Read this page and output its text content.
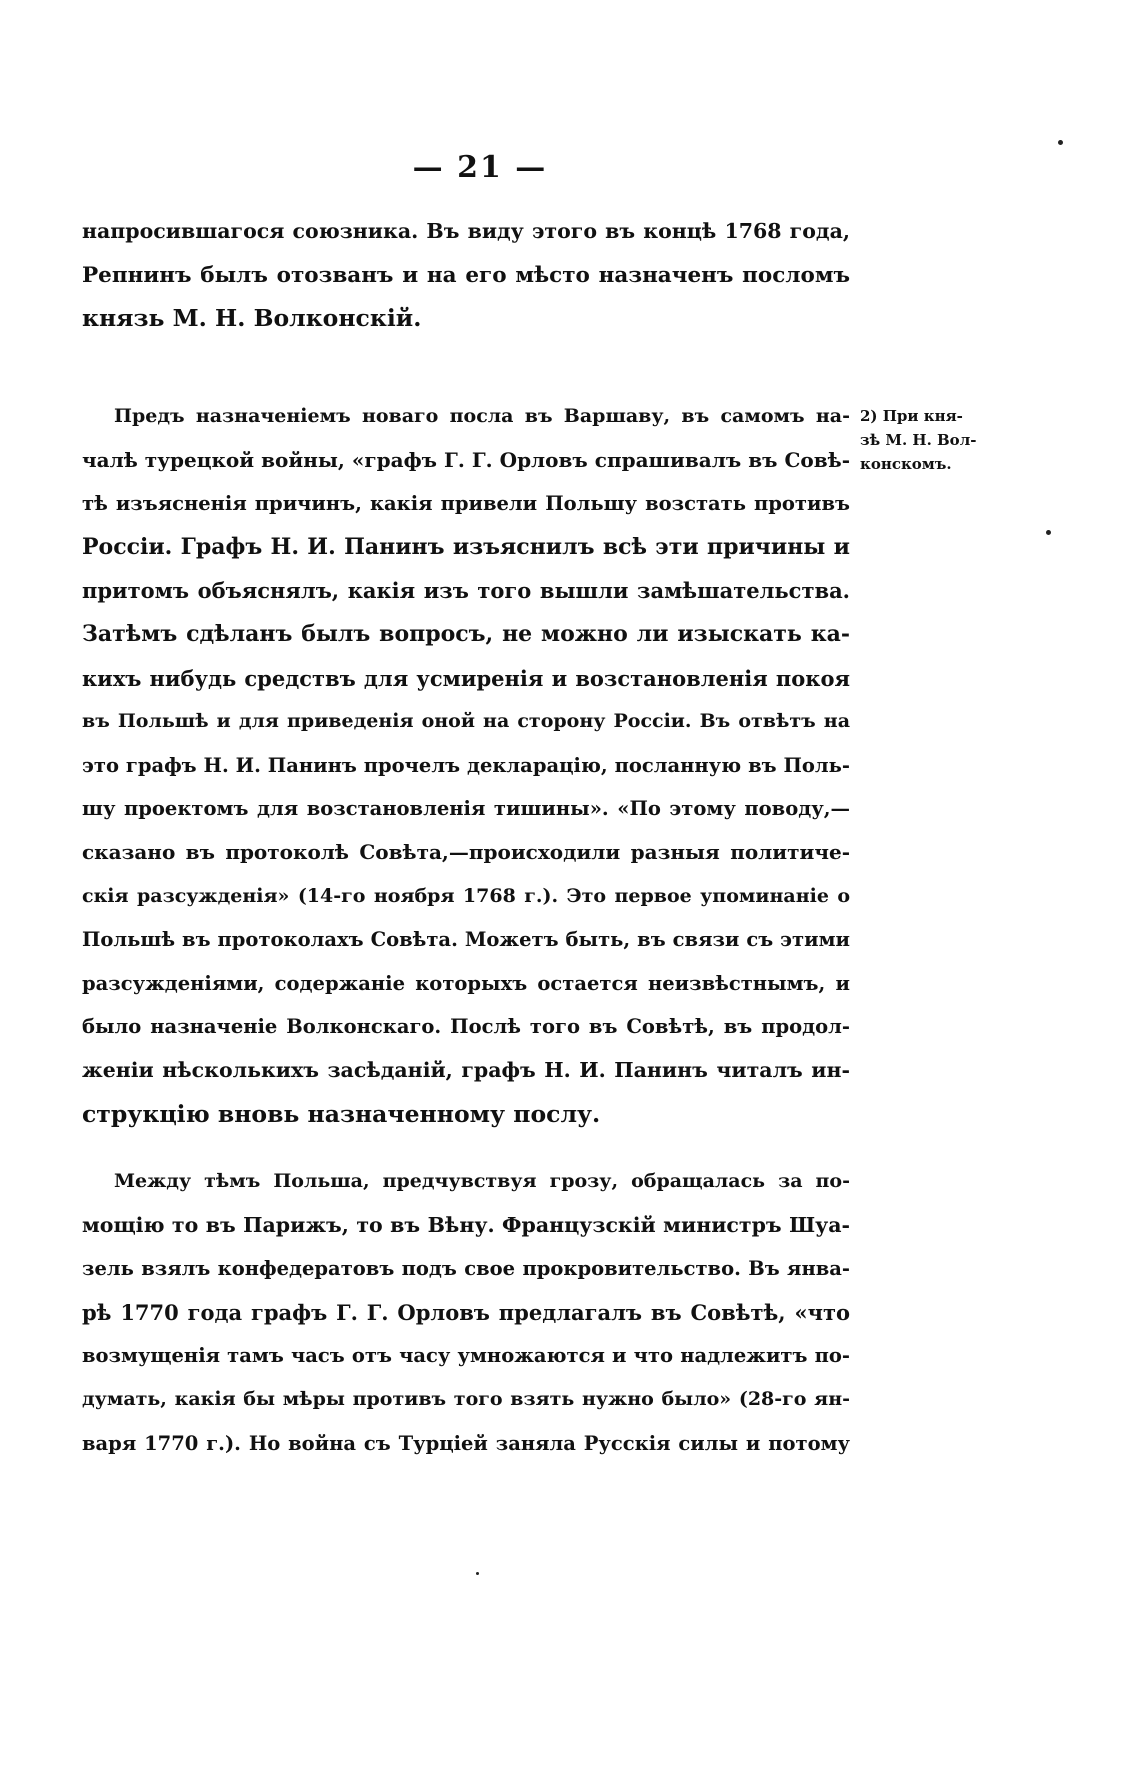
— 21 —
напросившагося союзника. Въ виду этого въ концѣ 1768 года,
Репнинъ былъ отозванъ и на его мѣсто назначенъ посломъ
князь М. Н. Волконскій.
Предъ назначеніемъ новаго посла въ Варшаву, въ самомъ на-
чалѣ турецкой войны, «графъ Г. Г. Орловъ спрашивалъ въ Совѣ-
тѣ изъясненія причинъ, какія привели Польшу возстать противъ
Россіи. Графъ Н. И. Панинъ изъяснилъ всѣ эти причины и
притомъ объяснялъ, какія изъ того вышли замѣшательства.
Затѣмъ сдѣланъ былъ вопросъ, не можно ли изыскать ка-
кихъ нибудь средствъ для усмиренія и возстановленія покоя
въ Польшѣ и для приведенія оной на сторону Россіи. Въ отвѣтъ на
это графъ Н. И. Панинъ прочелъ декларацію, посланную въ Поль-
шу проектомъ для возстановленія тишины». «По этому поводу,—
сказано въ протоколѣ Совѣта,—происходили разныя политиче-
скія разсужденія» (14-го ноября 1768 г.). Это первое упоминаніе о
Польшѣ въ протоколахъ Совѣта. Можетъ быть, въ связи съ этими
разсужденіями, содержаніе которыхъ остается неизвѣстнымъ, и
было назначеніе Волконскаго. Послѣ того въ Совѣтѣ, въ продол-
женіи нѣсколькихъ засѣданій, графъ Н. И. Панинъ читалъ ин-
струкцію вновь назначенному послу.
2) При кня-
зѣ М. Н. Вол-
конскомъ.
Между тѣмъ Польша, предчувствуя грозу, обращалась за по-
мощію то въ Парижъ, то въ Вѣну. Французскій министръ Шуа-
зель взялъ конфедератовъ подъ свое прокровительство. Въ янва-
рѣ 1770 года графъ Г. Г. Орловъ предлагалъ въ Совѣтѣ, «что
возмущенія тамъ часъ отъ часу умножаются и что надлежитъ по-
думать, какія бы мѣры противъ того взять нужно было» (28-го ян-
варя 1770 г.). Но война съ Турціей заняла Русскія силы и потому
